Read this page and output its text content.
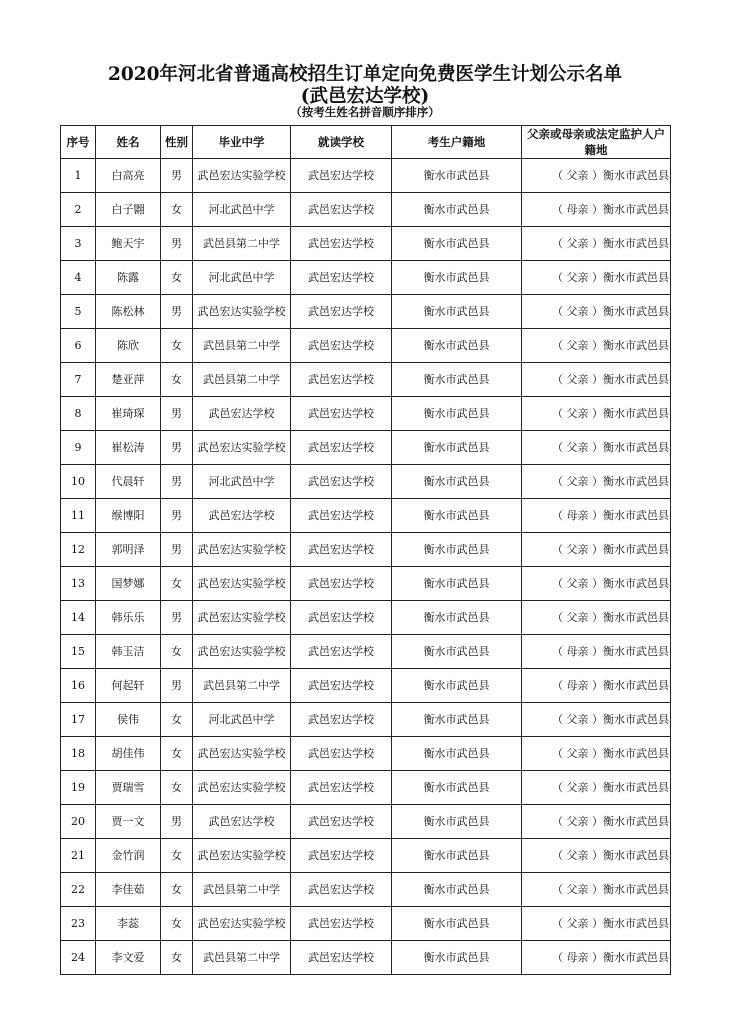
2020年河北省普通高校招生订单定向免费医学生计划公示名单
(武邑宏达学校)
（按考生姓名拼音顺序排序）
序号	姓名	性别	毕业中学	就读学校	考生户籍地	父亲或母亲或法定监护人户籍地
1	白高亮	男	武邑宏达实验学校	武邑宏达学校	衡水市武邑县	（ 父亲 ）衡水市武邑县
2	白子翾	女	河北武邑中学	武邑宏达学校	衡水市武邑县	（ 母亲 ）衡水市武邑县
3	鲍天宇	男	武邑县第二中学	武邑宏达学校	衡水市武邑县	（ 父亲 ）衡水市武邑县
4	陈露	女	河北武邑中学	武邑宏达学校	衡水市武邑县	（ 父亲 ）衡水市武邑县
5	陈松林	男	武邑宏达实验学校	武邑宏达学校	衡水市武邑县	（ 父亲 ）衡水市武邑县
6	陈欣	女	武邑县第二中学	武邑宏达学校	衡水市武邑县	（ 父亲 ）衡水市武邑县
7	楚亚萍	女	武邑县第二中学	武邑宏达学校	衡水市武邑县	（ 父亲 ）衡水市武邑县
8	崔琦琛	男	武邑宏达学校	武邑宏达学校	衡水市武邑县	（ 父亲 ）衡水市武邑县
9	崔松涛	男	武邑宏达实验学校	武邑宏达学校	衡水市武邑县	（ 父亲 ）衡水市武邑县
10	代晨轩	男	河北武邑中学	武邑宏达学校	衡水市武邑县	（ 父亲 ）衡水市武邑县
11	缑博阳	男	武邑宏达学校	武邑宏达学校	衡水市武邑县	（ 母亲 ）衡水市武邑县
12	郭明泽	男	武邑宏达实验学校	武邑宏达学校	衡水市武邑县	（ 父亲 ）衡水市武邑县
13	国梦娜	女	武邑宏达实验学校	武邑宏达学校	衡水市武邑县	（ 父亲 ）衡水市武邑县
14	韩乐乐	男	武邑宏达实验学校	武邑宏达学校	衡水市武邑县	（ 父亲 ）衡水市武邑县
15	韩玉洁	女	武邑宏达实验学校	武邑宏达学校	衡水市武邑县	（ 母亲 ）衡水市武邑县
16	何起轩	男	武邑县第二中学	武邑宏达学校	衡水市武邑县	（ 母亲 ）衡水市武邑县
17	侯伟	女	河北武邑中学	武邑宏达学校	衡水市武邑县	（ 父亲 ）衡水市武邑县
18	胡佳伟	女	武邑宏达实验学校	武邑宏达学校	衡水市武邑县	（ 父亲 ）衡水市武邑县
19	贾瑞雪	女	武邑宏达实验学校	武邑宏达学校	衡水市武邑县	（ 父亲 ）衡水市武邑县
20	贾一文	男	武邑宏达学校	武邑宏达学校	衡水市武邑县	（ 父亲 ）衡水市武邑县
21	金竹润	女	武邑宏达实验学校	武邑宏达学校	衡水市武邑县	（ 父亲 ）衡水市武邑县
22	李佳茹	女	武邑县第二中学	武邑宏达学校	衡水市武邑县	（ 父亲 ）衡水市武邑县
23	李蕊	女	武邑宏达实验学校	武邑宏达学校	衡水市武邑县	（ 父亲 ）衡水市武邑县
24	李文爱	女	武邑县第二中学	武邑宏达学校	衡水市武邑县	（ 母亲 ）衡水市武邑县
